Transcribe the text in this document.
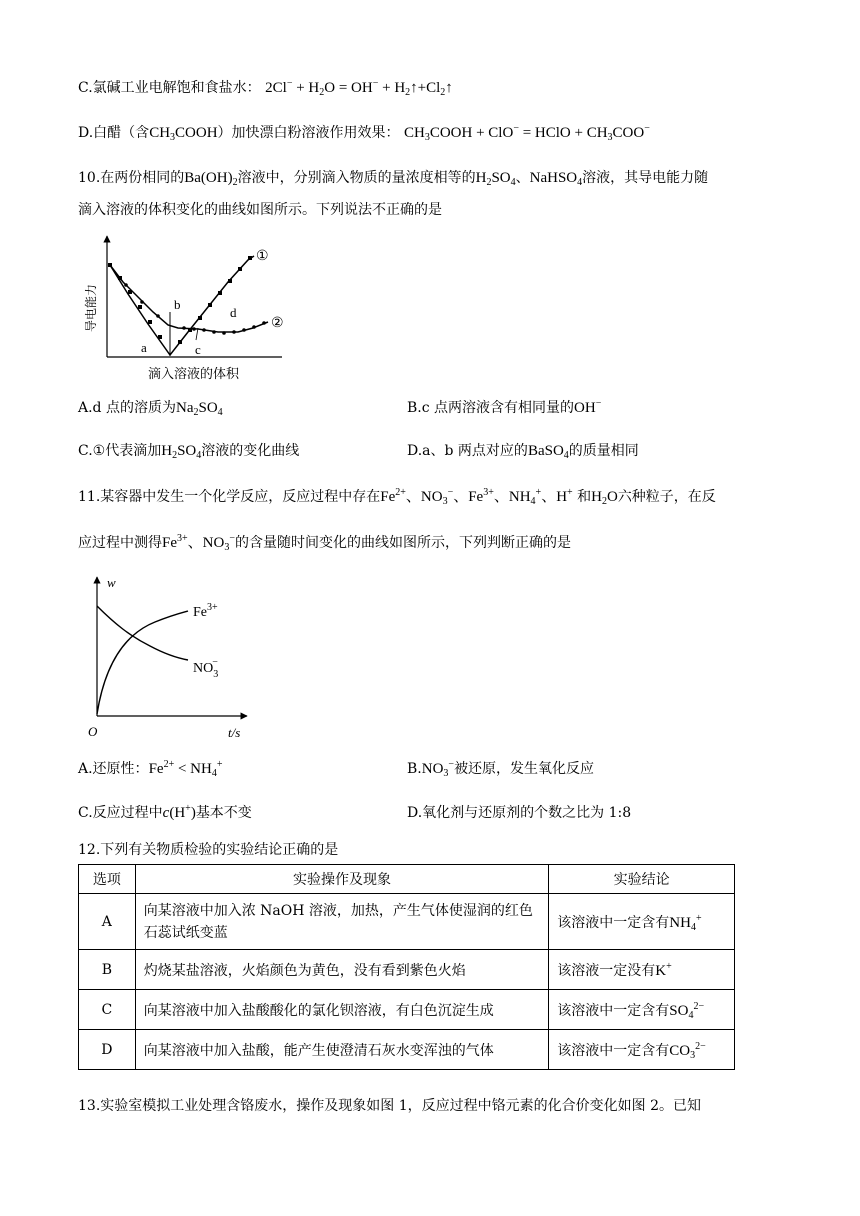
C.氯碱工业电解饱和食盐水： $2Cl^- + H_2O = OH^-$ + $H_2↑+Cl_2↑$
D.白醋（含$CH_3COOH$）加快漂白粉溶液作用效果： $CH_3COOH + ClO^-$ = HClO + $CH_3COO^-$
10.在两份相同的$Ba(OH)_2$溶液中，分别滴入物质的量浓度相等的$H_2SO_4$、NaHSO$_4$溶液，其导电能力随
滴入溶液的体积变化的曲线如图所示。下列说法不正确的是
导电能力
滴入溶液的体积
a
b
c
d
①
②
A.d 点的溶质为$Na_2SO_4$	B.c 点两溶液含有相同量的OH−
C.①代表滴加$H_2SO_4$溶液的变化曲线	D.a、b 两点对应的BaSO$_4$的质量相同
11.某容器中发生一个化学反应，反应过程中存在$Fe^{2+}$、$NO_3^-$、$Fe^{3+}$、$NH_4^+$、H+ 和$H_2O$六种粒子，在反
应过程中测得$Fe^{3+}$、$NO_3^-$的含量随时间变化的曲线如图所示，下列判断正确的是
w
t/s
O
$Fe^{3+}$
$NO_3-$
A.还原性：$Fe^{2+} < NH_4^+$	$B.NO_3^-$被还原，发生氧化反应
C.反应过程中c(H+)基本不变	D.氧化剂与还原剂的个数之比为 1:8
12.下列有关物质检验的实验结论正确的是
选项	实验操作及现象	实验结论
A	向某溶液中加入浓 NaOH 溶液，加热，产生气体使湿润的红色石蕊试纸变蓝	该溶液中一定含有$NH_4^+$
B	灼烧某盐溶液，火焰颜色为黄色，没有看到紫色火焰	该溶液一定没有K+
C	向某溶液中加入盐酸酸化的氯化钡溶液，有白色沉淀生成	该溶液中一定含有$SO_4^{2-}$
D	向某溶液中加入盐酸，能产生使澄清石灰水变浑浊的气体	该溶液中一定含有$CO_3^{2-}$
13.实验室模拟工业处理含铬废水，操作及现象如图 1，反应过程中铬元素的化合价变化如图 2。已知
